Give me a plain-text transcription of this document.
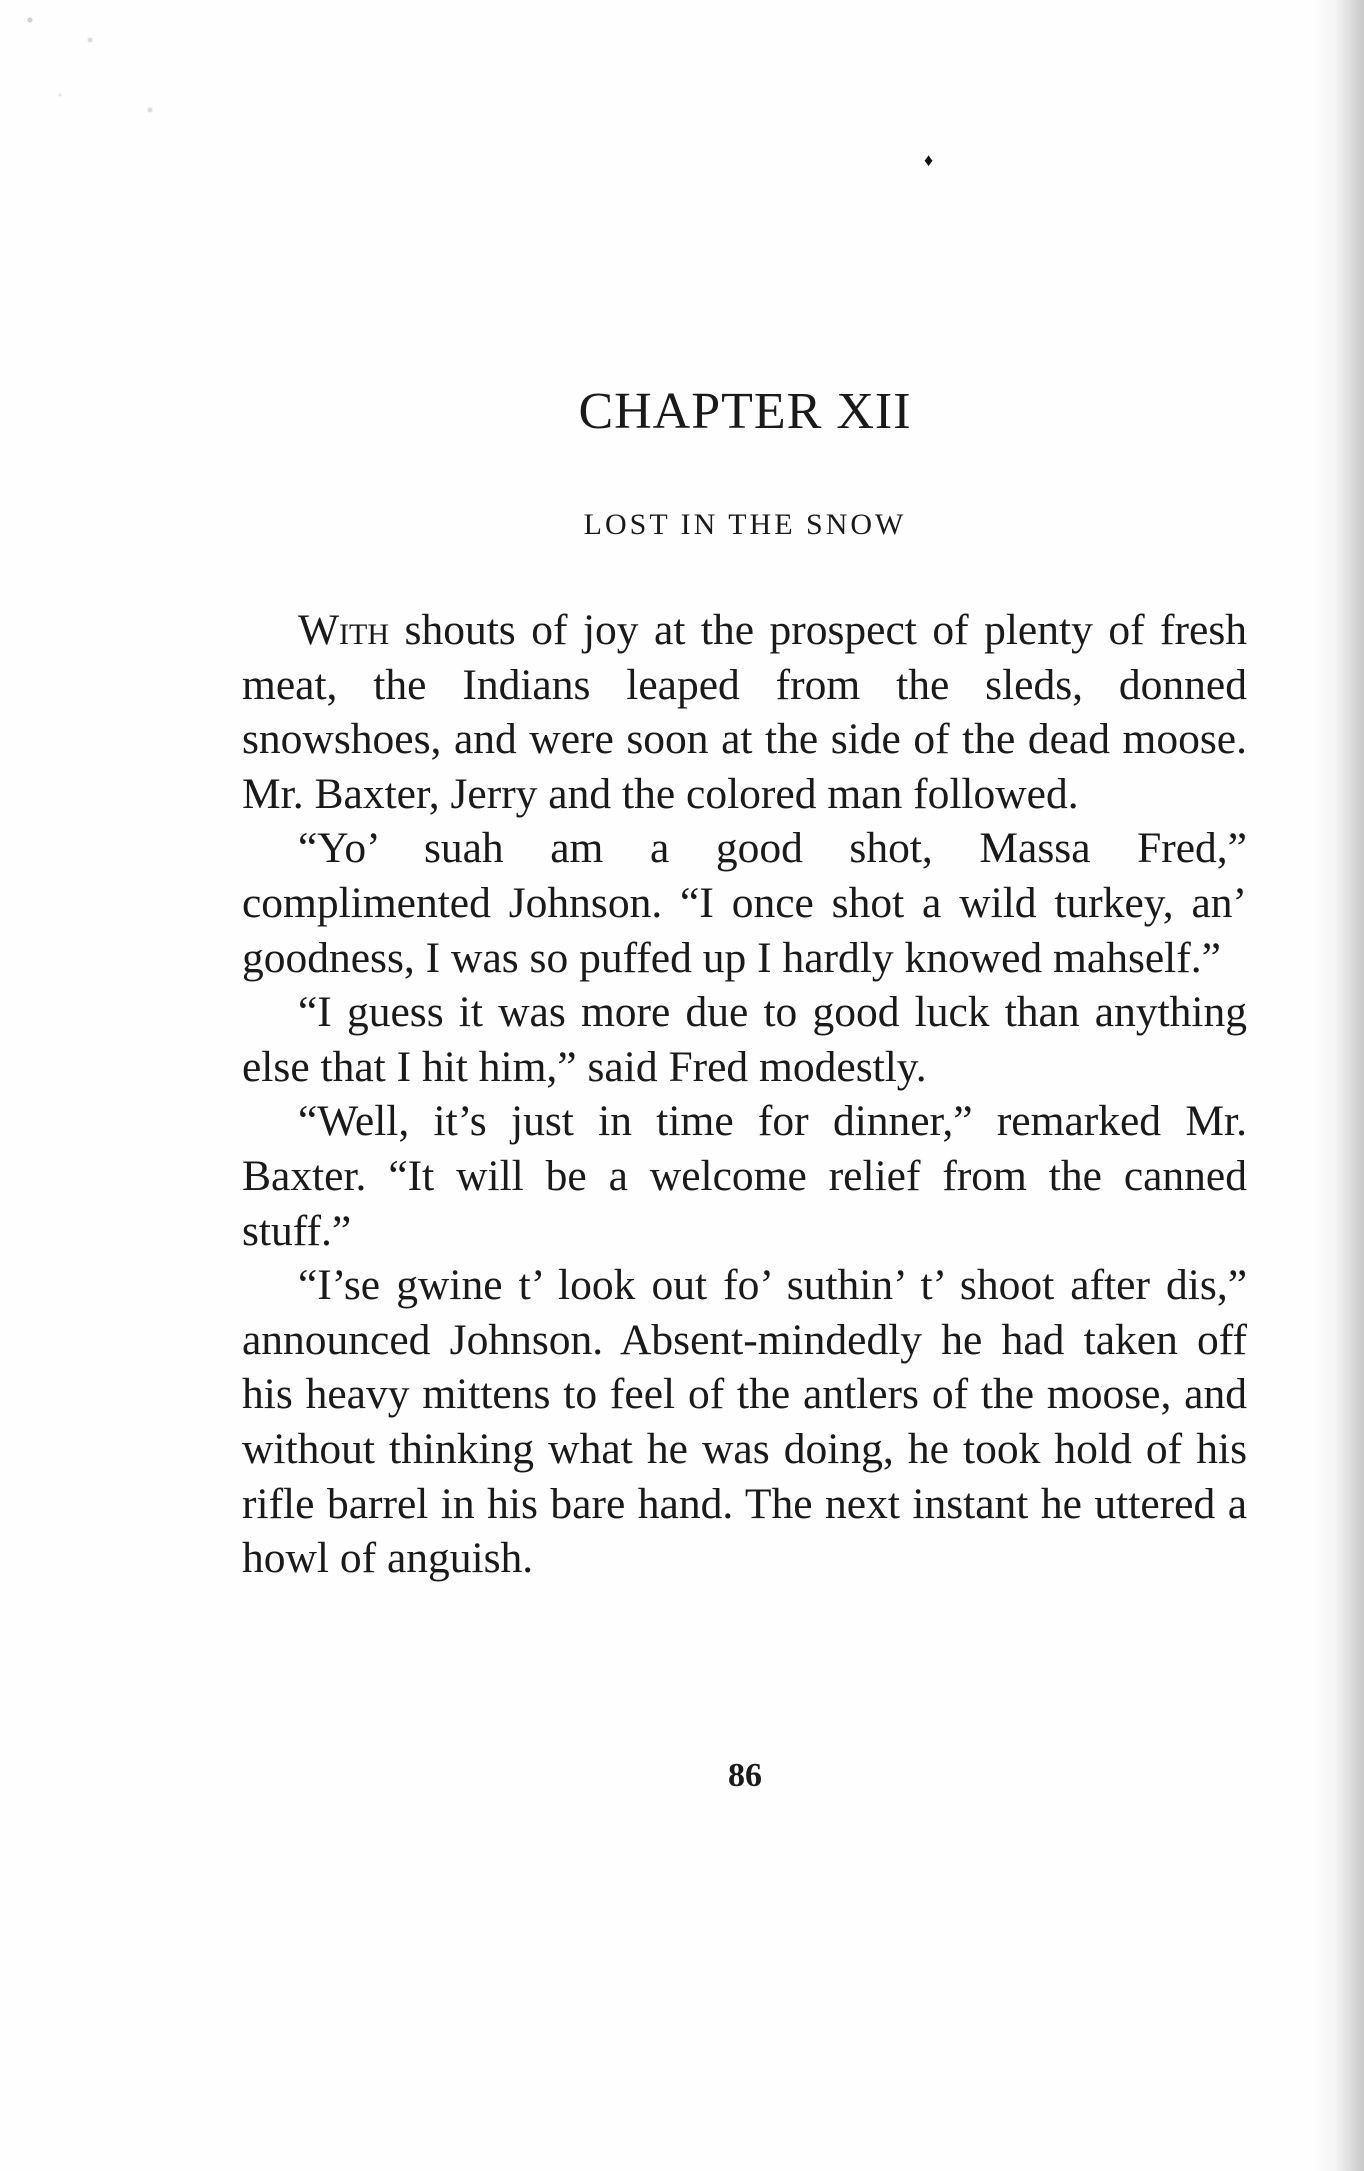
♦
CHAPTER XII
LOST IN THE SNOW

With shouts of joy at the prospect of plenty of fresh meat, the Indians leaped from the sleds, donned snowshoes, and were soon at the side of the dead moose. Mr. Baxter, Jerry and the colored man followed.

“Yo’ suah am a good shot, Massa Fred,” complimented Johnson. “I once shot a wild turkey, an’ goodness, I was so puffed up I hardly knowed mahself.”

“I guess it was more due to good luck than anything else that I hit him,” said Fred modestly.

“Well, it’s just in time for dinner,” remarked Mr. Baxter. “It will be a welcome relief from the canned stuff.”

“I’se gwine t’ look out fo’ suthin’ t’ shoot after dis,” announced Johnson. Absent-mindedly he had taken off his heavy mittens to feel of the antlers of the moose, and without thinking what he was doing, he took hold of his rifle barrel in his bare hand. The next instant he uttered a howl of anguish.

86
